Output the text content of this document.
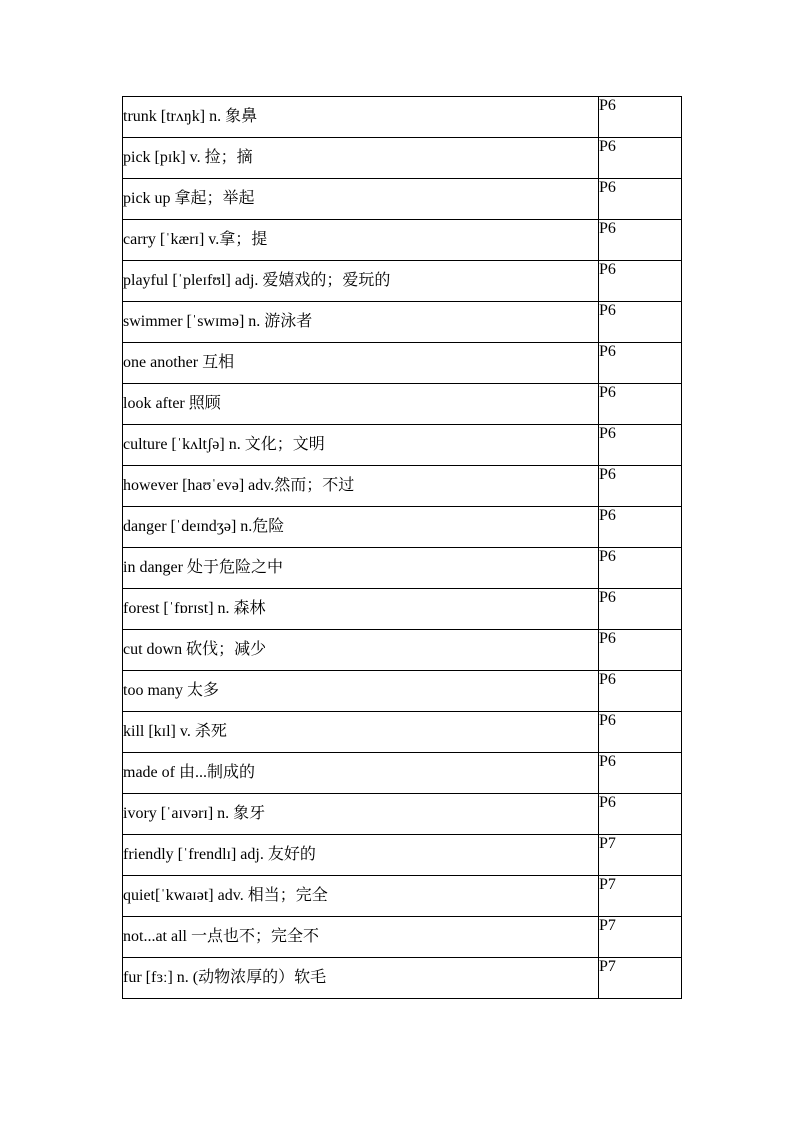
trunk [trʌŋk] n. 象鼻	P6
pick [pɪk] v. 捡；摘	P6
pick up 拿起；举起	P6
carry [ˈkærɪ] v.拿；提	P6
playful [ˈpleɪfʊl] adj. 爱嬉戏的；爱玩的	P6
swimmer [ˈswɪmə] n. 游泳者	P6
one another 互相	P6
look after 照顾	P6
culture [ˈkʌltʃə] n. 文化；文明	P6
however [haʊˈevə] adv.然而；不过	P6
danger [ˈdeɪndʒə] n.危险	P6
in danger 处于危险之中	P6
forest [ˈfɒrɪst] n. 森林	P6
cut down 砍伐；减少	P6
too many 太多	P6
kill [kɪl] v. 杀死	P6
made of 由...制成的	P6
ivory [ˈaɪvərɪ] n. 象牙	P6
friendly [ˈfrendlɪ] adj. 友好的	P7
quiet[ˈkwaɪət] adv. 相当；完全	P7
not...at all 一点也不；完全不	P7
fur [fɜː] n. (动物浓厚的）软毛	P7
